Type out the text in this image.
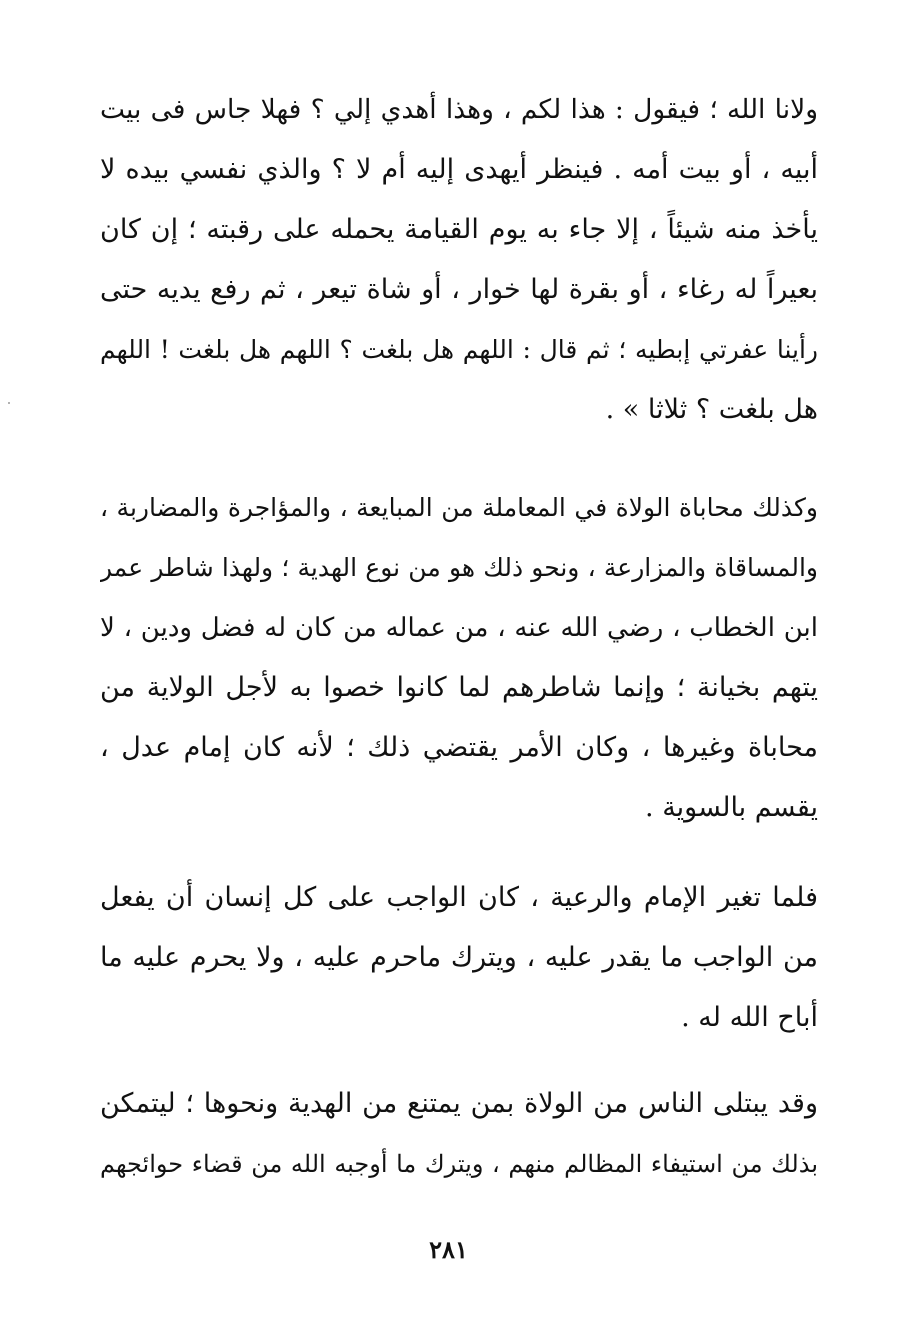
ولانا الله ؛ فيقول : هذا لكم ، وهذا أهدي إلي ؟ فهلا جاس فى بيت
أبيه ، أو بيت أمه . فينظر أيهدى إليه أم لا ؟ والذي نفسي بيده لا
يأخذ منه شيئاً ، إلا جاء به يوم القيامة يحمله على رقبته ؛ إن كان
بعيراً له رغاء ، أو بقرة لها خوار ، أو شاة تيعر ، ثم رفع يديه حتى
رأينا عفرتي إبطيه ؛ ثم قال : اللهم هل بلغت ؟ اللهم هل بلغت ! اللهم
هل بلغت ؟ ثلاثا » .
وكذلك محاباة الولاة في المعاملة من المبايعة ، والمؤاجرة والمضاربة ،
والمساقاة والمزارعة ، ونحو ذلك هو من نوع الهدية ؛ ولهذا شاطر عمر
ابن الخطاب ، رضي الله عنه ، من عماله من كان له فضل ودين ، لا
يتهم بخيانة ؛ وإنما شاطرهم لما كانوا خصوا به لأجل الولاية من
محاباة وغيرها ، وكان الأمر يقتضي ذلك ؛ لأنه كان إمام عدل ،
يقسم بالسوية .
فلما تغير الإمام والرعية ، كان الواجب على كل إنسان أن يفعل
من الواجب ما يقدر عليه ، ويترك ماحرم عليه ، ولا يحرم عليه ما
أباح الله له .
وقد يبتلى الناس من الولاة بمن يمتنع من الهدية ونحوها ؛ ليتمكن
بذلك من استيفاء المظالم منهم ، ويترك ما أوجبه الله من قضاء حوائجهم
٢٨١
